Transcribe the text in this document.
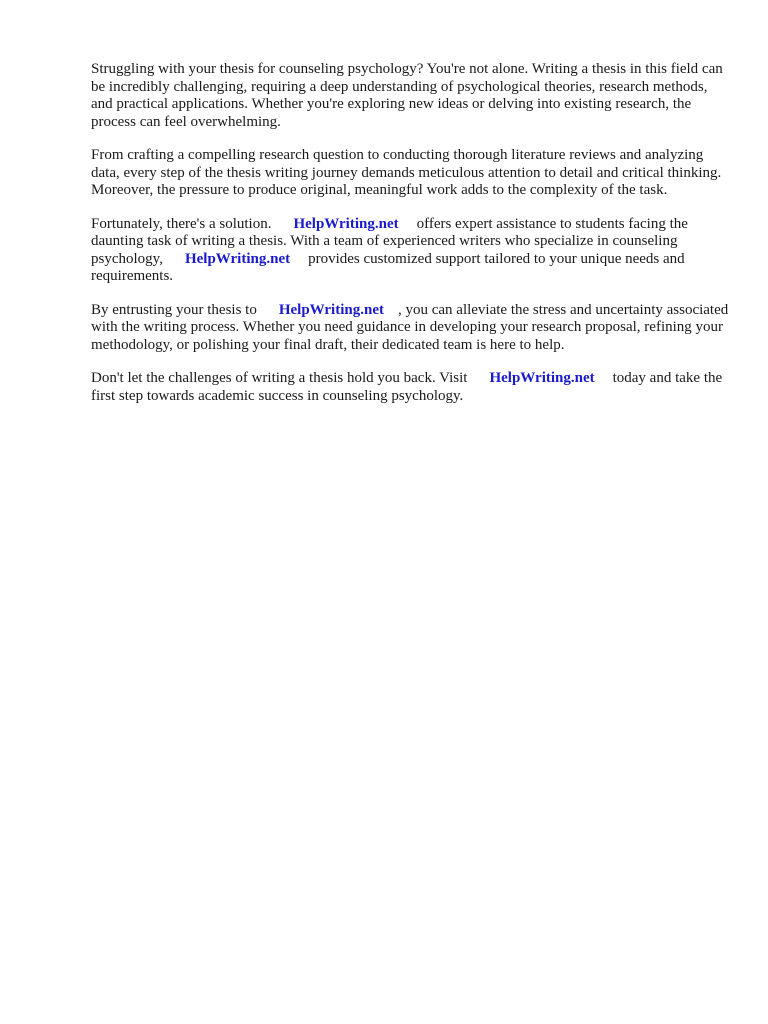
Struggling with your thesis for counseling psychology? You're not alone. Writing a thesis in this field can be incredibly challenging, requiring a deep understanding of psychological theories, research methods, and practical applications. Whether you're exploring new ideas or delving into existing research, the process can feel overwhelming.

From crafting a compelling research question to conducting thorough literature reviews and analyzing data, every step of the thesis writing journey demands meticulous attention to detail and critical thinking. Moreover, the pressure to produce original, meaningful work adds to the complexity of the task.

Fortunately, there's a solution. HelpWriting.net offers expert assistance to students facing the daunting task of writing a thesis. With a team of experienced writers who specialize in counseling psychology, HelpWriting.net provides customized support tailored to your unique needs and requirements.

By entrusting your thesis to HelpWriting.net , you can alleviate the stress and uncertainty associated with the writing process. Whether you need guidance in developing your research proposal, refining your methodology, or polishing your final draft, their dedicated team is here to help.

Don't let the challenges of writing a thesis hold you back. Visit HelpWriting.net today and take the first step towards academic success in counseling psychology.
